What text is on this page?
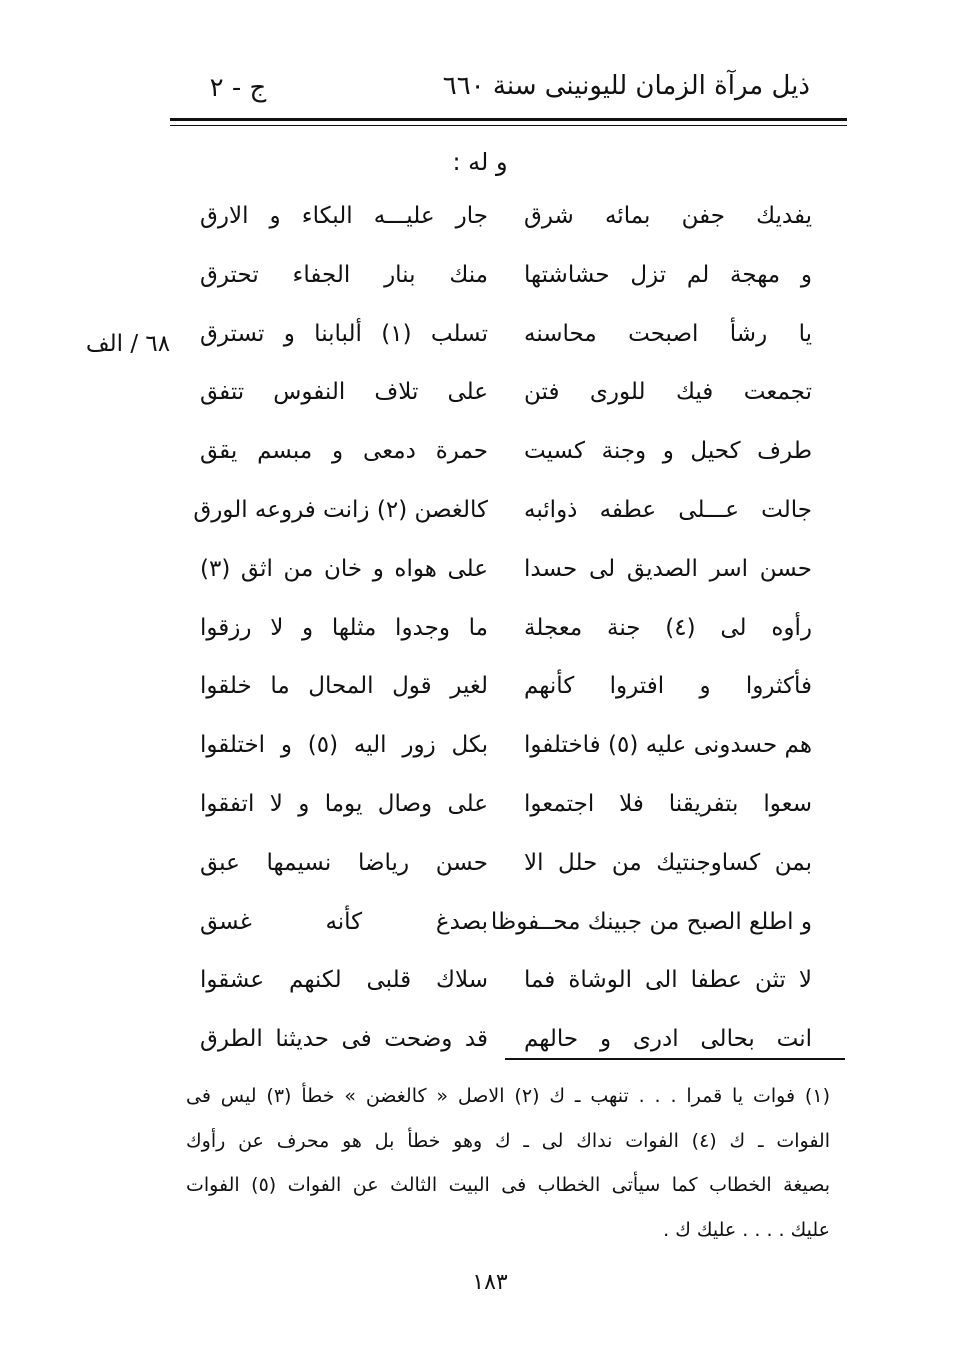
ج - ٢	ذيل مرآة الزمان لليونينى سنة ٦٦٠
و له :
٦٨ / الف
يفديك جفن بمائه شرق
جار عليـــه البكاء و الارق
و مهجة لم تزل حشاشتها
منك بنار الجفاء تحترق
يا رشأ اصبحت محاسنه
تسلب (١) ألبابنا و تسترق
تجمعت فيك للورى فتن
على تلاف النفوس تتفق
طرف كحيل و وجنة كسيت
حمرة دمعى و مبسم يقق
جالت عـــلى عطفه ذوائبه
كالغصن (٢) زانت فروعه الورق
حسن اسر الصديق لى حسدا
على هواه و خان من اثق (٣)
رأوه لى (٤) جنة معجلة
ما وجدوا مثلها و لا رزقوا
فأكثروا و افتروا كأنهم
لغير قول المحال ما خلقوا
هم حسدونى عليه (٥) فاختلفوا
بكل زور اليه (٥) و اختلقوا
سعوا بتفريقنا فلا اجتمعوا
على وصال يوما و لا اتفقوا
بمن كساوجنتيك من حلل الا
حسن رياضا نسيمها عبق
و اطلع الصبح من جبينك محــفوظا
بصدغ كأنه غسق
لا تثن عطفا الى الوشاة فما
سلاك قلبى لكنهم عشقوا
انت بحالى ادرى و حالهم
قد وضحت فى حديثنا الطرق
(١) فوات يا قمرا . . . تنهب ـ ك (٢) الاصل « كالغضن » خطأ (٣) ليس فى
الفوات ـ ك (٤) الفوات نداك لى ـ ك وهو خطأ بل هو محرف عن رأوك
بصيغة الخطاب كما سيأتى الخطاب فى البيت الثالث عن الفوات (٥) الفوات
عليك . . . . عليك ك .
١٨٣
